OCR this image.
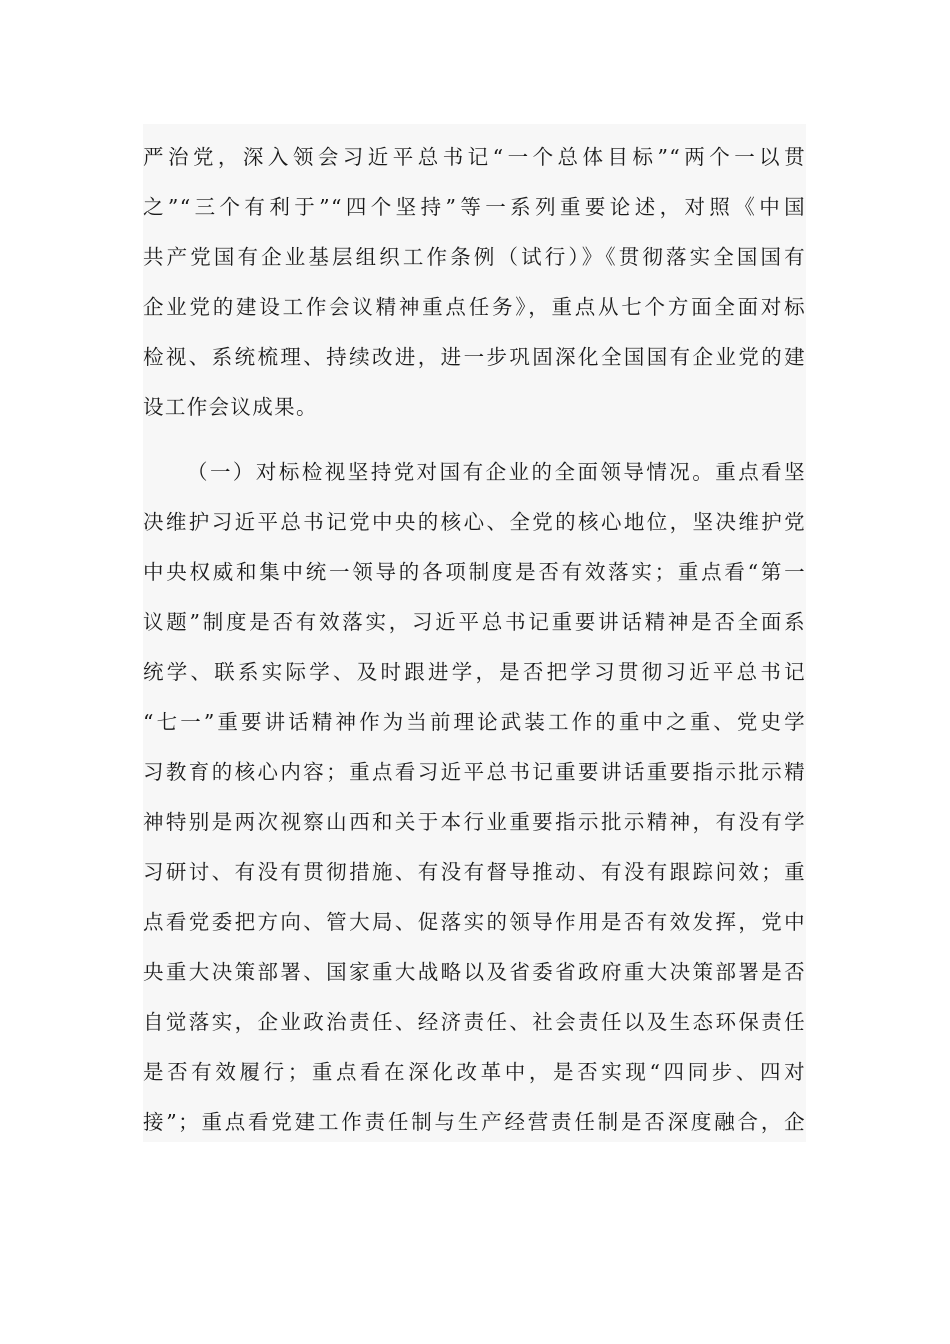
严治党，深入领会习近平总书记“一个总体目标”“两个一以贯
之”“三个有利于”“四个坚持”等一系列重要论述，对照《中国
共产党国有企业基层组织工作条例（试行）》《贯彻落实全国国有
企业党的建设工作会议精神重点任务》，重点从七个方面全面对标
检视、系统梳理、持续改进，进一步巩固深化全国国有企业党的建
设工作会议成果。
（一）对标检视坚持党对国有企业的全面领导情况。重点看坚
决维护习近平总书记党中央的核心、全党的核心地位，坚决维护党
中央权威和集中统一领导的各项制度是否有效落实；重点看“第一
议题”制度是否有效落实，习近平总书记重要讲话精神是否全面系
统学、联系实际学、及时跟进学，是否把学习贯彻习近平总书记
“七一”重要讲话精神作为当前理论武装工作的重中之重、党史学
习教育的核心内容；重点看习近平总书记重要讲话重要指示批示精
神特别是两次视察山西和关于本行业重要指示批示精神，有没有学
习研讨、有没有贯彻措施、有没有督导推动、有没有跟踪问效；重
点看党委把方向、管大局、促落实的领导作用是否有效发挥，党中
央重大决策部署、国家重大战略以及省委省政府重大决策部署是否
自觉落实，企业政治责任、经济责任、社会责任以及生态环保责任
是否有效履行；重点看在深化改革中，是否实现“四同步、四对
接”；重点看党建工作责任制与生产经营责任制是否深度融合，企
